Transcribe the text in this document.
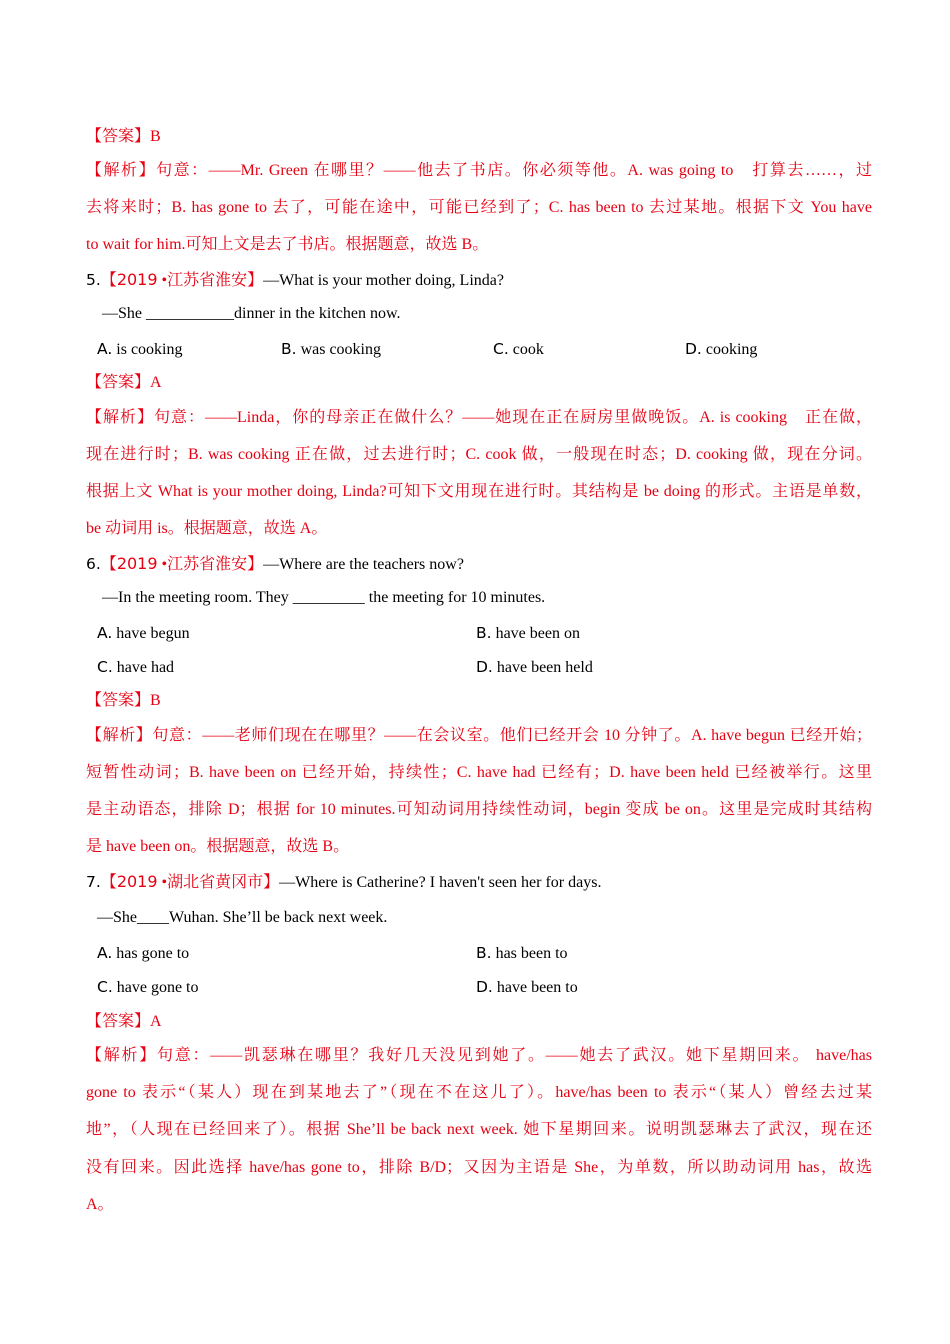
【答案】B
【解析】句意：——Mr. Green 在哪里？——他去了书店。你必须等他。A. was going to　打算去……，过
去将来时；B. has gone to 去了，可能在途中，可能已经到了；C. has been to 去过某地。根据下文 You have
to wait for him.可知上文是去了书店。根据题意，故选 B。
5.【2019 •江苏省淮安】—What is your mother doing, Linda?
—She ___________dinner in the kitchen now.
A. is cooking	B. was cooking	C. cook	D. cooking
【答案】A
【解析】句意：——Linda，你的母亲正在做什么？——她现在正在厨房里做晚饭。A. is cooking　正在做，
现在进行时；B. was cooking 正在做，过去进行时；C. cook 做，一般现在时态；D. cooking 做，现在分词。
根据上文 What is your mother doing, Linda?可知下文用现在进行时。其结构是 be doing 的形式。主语是单数，
be 动词用 is。根据题意，故选 A。
6.【2019 •江苏省淮安】—Where are the teachers now?
—In the meeting room. They _________ the meeting for 10 minutes.
A. have begun	B. have been on
C. have had	D. have been held
【答案】B
【解析】句意：——老师们现在在哪里？——在会议室。他们已经开会 10 分钟了。A. have begun 已经开始；
短暂性动词；B. have been on 已经开始，持续性；C. have had 已经有；D. have been held 已经被举行。这里
是主动语态，排除 D；根据 for 10 minutes.可知动词用持续性动词，begin 变成 be on。这里是完成时其结构
是 have been on。根据题意，故选 B。
7.【2019 •湖北省黄冈市】—Where is Catherine? I haven't seen her for days.
—She____Wuhan. She’ll be back next week.
A. has gone to	B. has been to
C. have gone to	D. have been to
【答案】A
【解析】句意：——凯瑟琳在哪里？我好几天没见到她了。——她去了武汉。她下星期回来。 have/has
gone to 表示“（某人）现在到某地去了”（现在不在这儿了）。have/has been to 表示“（某人）曾经去过某
地”，（人现在已经回来了）。根据 She’ll be back next week. 她下星期回来。说明凯瑟琳去了武汉，现在还
没有回来。因此选择 have/has gone to，排除 B/D；又因为主语是 She，为单数，所以助动词用 has，故选
A。
